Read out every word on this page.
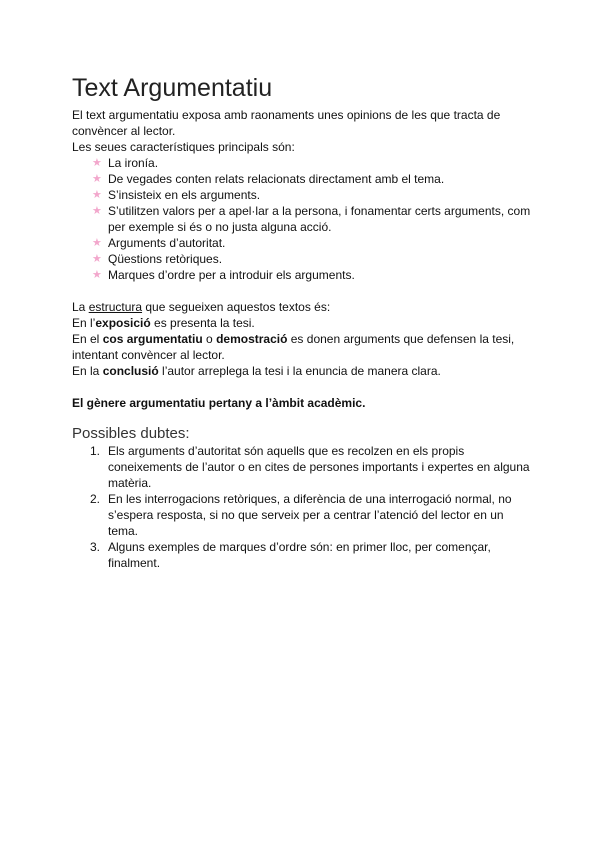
Text Argumentatiu

El text argumentatiu exposa amb raonaments unes opinions de les que tracta de convèncer al lector.

Les seues característiques principals són:

★ La ironía.
★ De vegades conten relats relacionats directament amb el tema.
★ S’insisteix en els arguments.
★ S’utilitzen valors per a apel·lar a la persona, i fonamentar certs arguments, com per exemple si és o no justa alguna acció.
★ Arguments d’autoritat.
★ Qüestions retòriques.
★ Marques d’ordre per a introduir els arguments.

La estructura que segueixen aquestos textos és:

En l’exposició es presenta la tesi.

En el cos argumentatiu o demostració es donen arguments que defensen la tesi, intentant convèncer al lector.

En la conclusió l’autor arreplega la tesi i la enuncia de manera clara.

El gènere argumentatiu pertany a l’àmbit acadèmic.

Possibles dubtes:
1. Els arguments d’autoritat són aquells que es recolzen en els propis coneixements de l’autor o en cites de persones importants i expertes en alguna matèria.
2. En les interrogacions retòriques, a diferència de una interrogació normal, no s’espera resposta, si no que serveix per a centrar l’atenció del lector en un tema.
3. Alguns exemples de marques d’ordre són: en primer lloc, per començar, finalment.
